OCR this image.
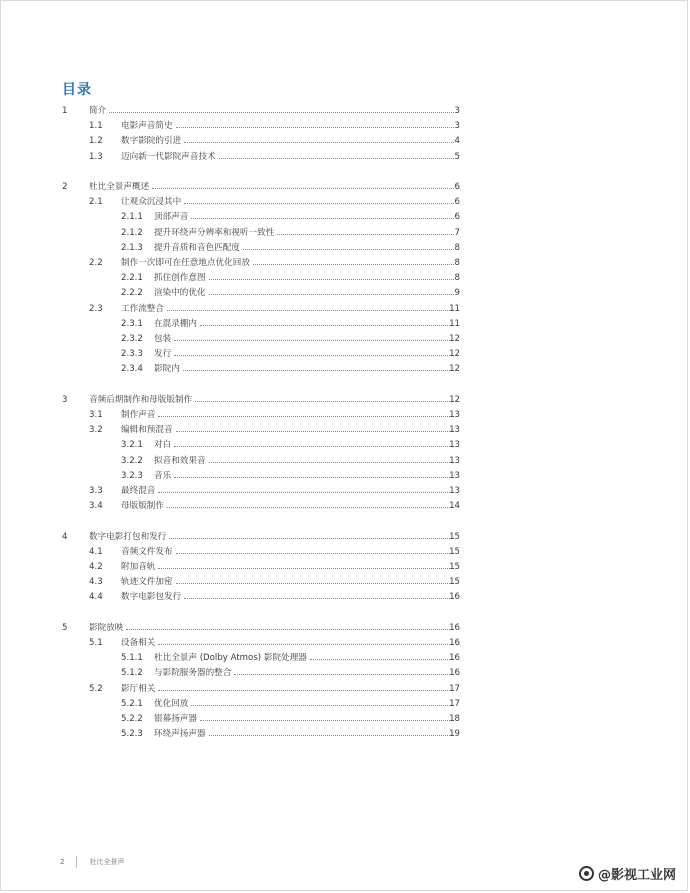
目录
1	简介	3
1.1 电影声音简史	3
1.2 数字影院的引进	4
1.3 迈向新一代影院声音技术	5
2	杜比全景声概述	6
2.1 让观众沉浸其中	6
2.1.1 顶部声音	6
2.1.2 提升环绕声分辨率和视听一致性	7
2.1.3 提升音质和音色匹配度	8
2.2 制作一次即可在任意地点优化回放	8
2.2.1 抓住创作意图	8
2.2.2 渲染中的优化	9
2.3 工作流整合	11
2.3.1 在混录棚内	11
2.3.2 包装	12
2.3.3 发行	12
2.3.4 影院内	12
3	音频后期制作和母版版制作	12
3.1 制作声音	13
3.2 编辑和预混音	13
3.2.1 对白	13
3.2.2 拟音和效果音	13
3.2.3 音乐	13
3.3 最终混音	13
3.4 母版版制作	14
4	数字电影打包和发行	15
4.1 音频文件发布	15
4.2 附加音轨	15
4.3 轨迹文件加密	15
4.4 数字电影包发行	16
5	影院放映	16
5.1 设备相关	16
5.1.1 杜比全景声 (Dolby Atmos) 影院处理器	16
5.1.2 与影院服务器的整合	16
5.2 影厅相关	17
5.2.1 优化回放	17
5.2.2 银幕扬声器	18
5.2.3 环绕声扬声器	19
2	杜比全景声
@影视工业网
